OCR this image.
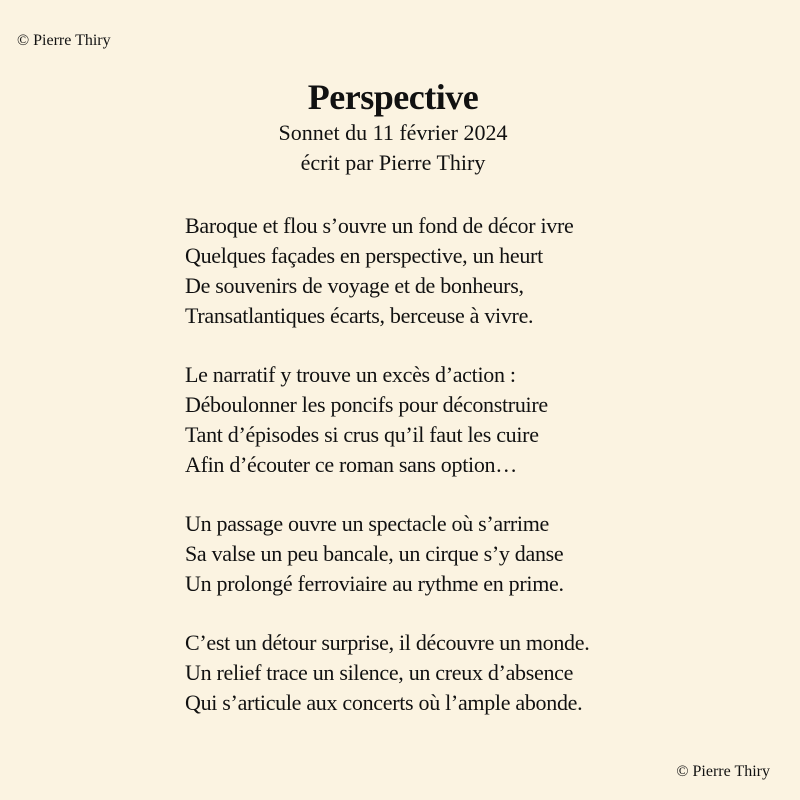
© Pierre Thiry
Perspective
Sonnet du 11 février 2024
écrit par Pierre Thiry
Baroque et flou s’ouvre un fond de décor ivre
Quelques façades en perspective, un heurt
De souvenirs de voyage et de bonheurs,
Transatlantiques écarts, berceuse à vivre.
Le narratif y trouve un excès d’action :
Déboulonner les poncifs pour déconstruire
Tant d’épisodes si crus qu’il faut les cuire
Afin d’écouter ce roman sans option…
Un passage ouvre un spectacle où s’arrime
Sa valse un peu bancale, un cirque s’y danse
Un prolongé ferroviaire au rythme en prime.
C’est un détour surprise, il découvre un monde.
Un relief trace un silence, un creux d’absence
Qui s’articule aux concerts où l’ample abonde.
© Pierre Thiry
